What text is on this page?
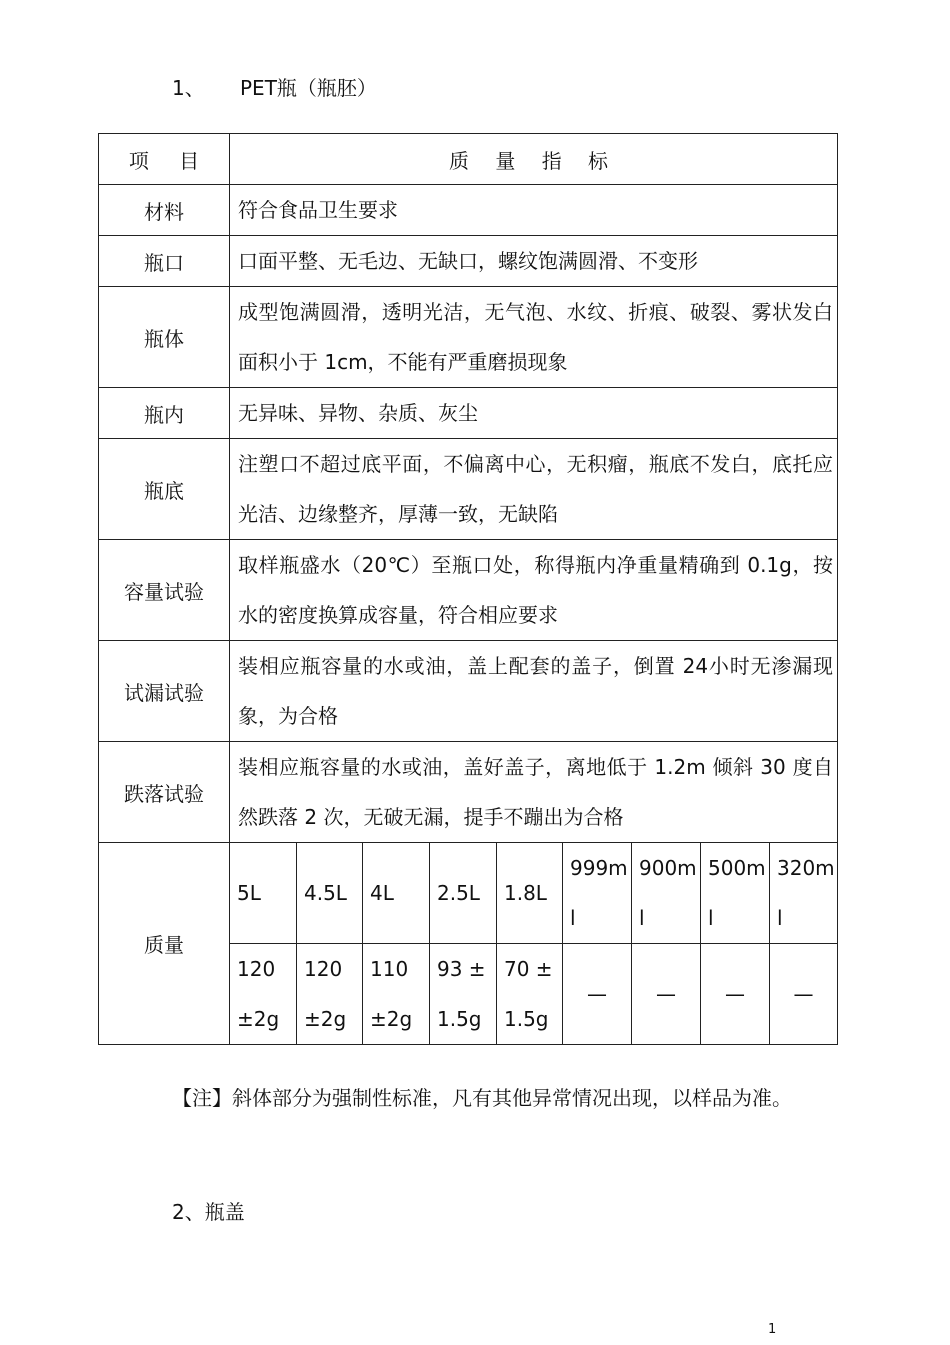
1、 PET瓶（瓶胚）
项 目	质 量 指 标								
材料	符合食品卫生要求								
瓶口	口面平整、无毛边、无缺口，螺纹饱满圆滑、不变形								
瓶体	成型饱满圆滑，透明光洁，无气泡、水纹、折痕、破裂、雾状发白面积小于 1cm，不能有严重磨损现象								
瓶内	无异味、异物、杂质、灰尘								
瓶底	注塑口不超过底平面，不偏离中心，无积瘤，瓶底不发白，底托应光洁、边缘整齐，厚薄一致，无缺陷								
容量试验	取样瓶盛水（20℃）至瓶口处，称得瓶内净重量精确到 0.1g，按水的密度换算成容量，符合相应要求								
试漏试验	装相应瓶容量的水或油，盖上配套的盖子，倒置 24小时无渗漏现象，为合格								
跌落试验	装相应瓶容量的水或油，盖好盖子，离地低于 1.2m 倾斜 30 度自然跌落 2 次，无破无漏，提手不蹦出为合格								
质量	5L	4.5L	4L	2.5L	1.8L	999ml	900ml	500ml	320ml
	120 ±2g	120 ±2g	110 ±2g	93 ± 1.5g	70 ± 1.5g	—	—	—	—
【注】斜体部分为强制性标准，凡有其他异常情况出现，以样品为准。
2、瓶盖
1
